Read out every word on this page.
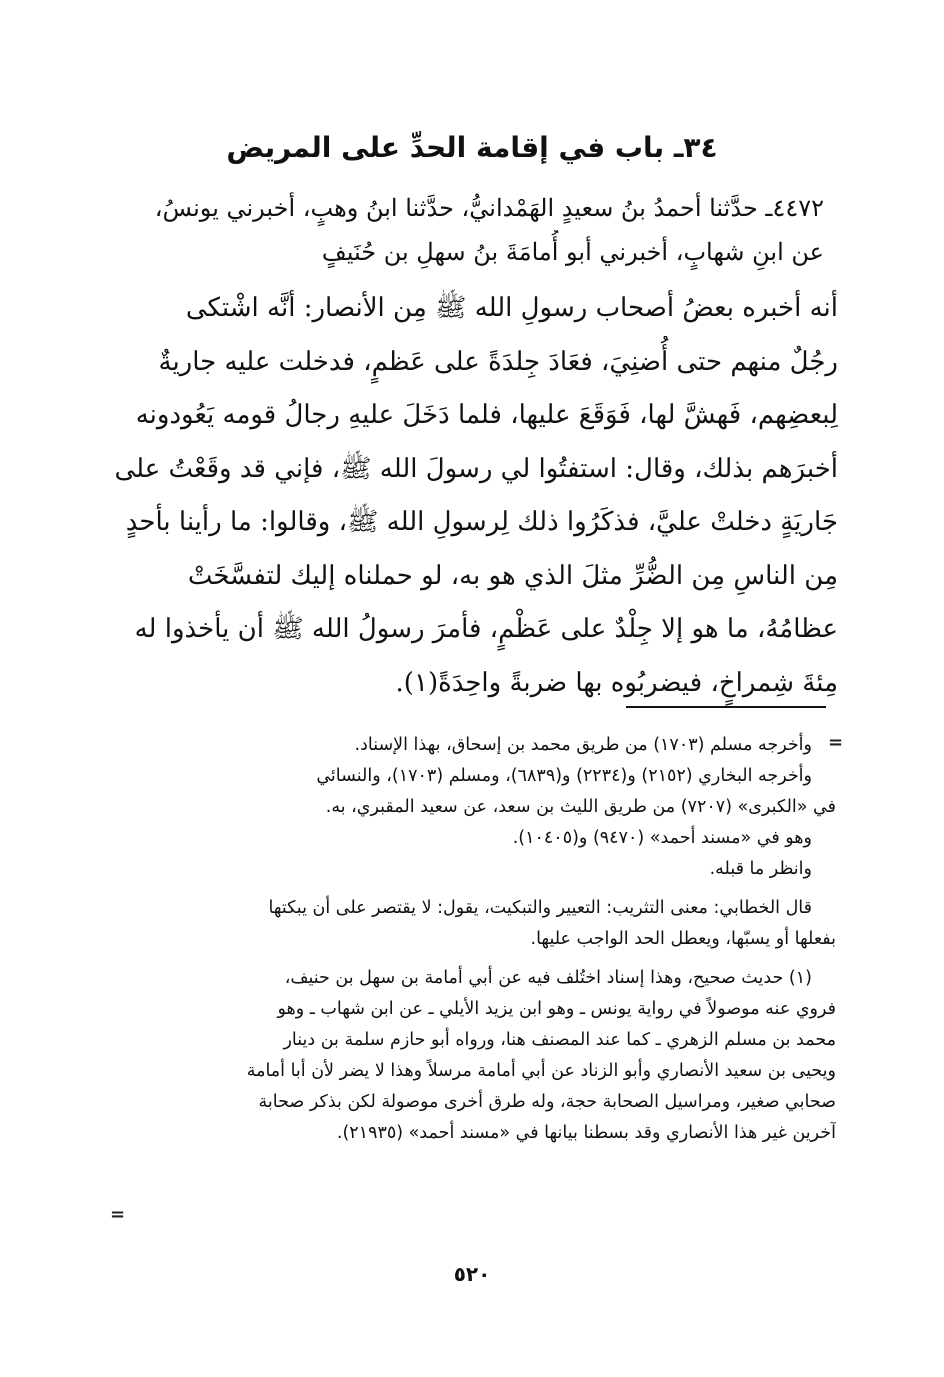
٣٤ـ باب في إقامة الحدِّ على المريض
٤٤٧٢ـ حدَّثنا أحمدُ بنُ سعيدٍ الهَمْدانيُّ، حدَّثنا ابنُ وهبٍ، أخبرني يونسُ،
عن ابنِ شهابٍ، أخبرني أبو أُمامَةَ بنُ سهلِ بن حُنَيفٍ
أنه أخبره بعضُ أصحاب رسولِ الله ﷺ مِن الأنصار: أنَّه اشْتكى
رجُلٌ منهم حتى أُضنِيَ، فعَادَ جِلدَةً على عَظمٍ، فدخلت عليه جاريةٌ
لِبعضِهم، فَهشَّ لها، فَوَقَعَ عليها، فلما دَخَلَ عليهِ رجالُ قومه يَعُودونه
أخبرَهم بذلك، وقال: استفتُوا لي رسولَ الله ﷺ، فإني قد وقَعْتُ على
جَاريَةٍ دخلتْ عليَّ، فذكَرُوا ذلك لِرسولِ الله ﷺ، وقالوا: ما رأينا بأحدٍ
مِن الناسِ مِن الضُّرِّ مثلَ الذي هو به، لو حملناه إليك لتفسَّخَتْ
عظامُهُ، ما هو إلا جِلْدٌ على عَظْمٍ، فأمرَ رسولُ الله ﷺ أن يأخذوا له
مِئةَ شِمراخٍ، فيضربُوه بها ضربةً واحِدَةً(١).
=
وأخرجه مسلم (١٧٠٣) من طريق محمد بن إسحاق، بهذا الإسناد.
وأخرجه البخاري (٢١٥٢) و(٢٢٣٤) و(٦٨٣٩)، ومسلم (١٧٠٣)، والنسائي
في «الكبرى» (٧٢٠٧) من طريق الليث بن سعد، عن سعيد المقبري، به.
وهو في «مسند أحمد» (٩٤٧٠) و(١٠٤٠٥).
وانظر ما قبله.
قال الخطابي: معنى التثريب: التعيير والتبكيت، يقول: لا يقتصر على أن يبكتها
بفعلها أو يسبّها، ويعطل الحد الواجب عليها.
(١) حديث صحيح، وهذا إسناد اختُلف فيه عن أبي أمامة بن سهل بن حنيف،
فروي عنه موصولاً في رواية يونس ـ وهو ابن يزيد الأيلي ـ عن ابن شهاب ـ وهو
محمد بن مسلم الزهري ـ كما عند المصنف هنا، ورواه أبو حازم سلمة بن دينار
ويحيى بن سعيد الأنصاري وأبو الزناد عن أبي أمامة مرسلاً وهذا لا يضر لأن أبا أمامة
صحابي صغير، ومراسيل الصحابة حجة، وله طرق أخرى موصولة لكن بذكر صحابة
آخرين غير هذا الأنصاري وقد بسطنا بيانها في «مسند أحمد» (٢١٩٣٥).
=
٥٢٠
